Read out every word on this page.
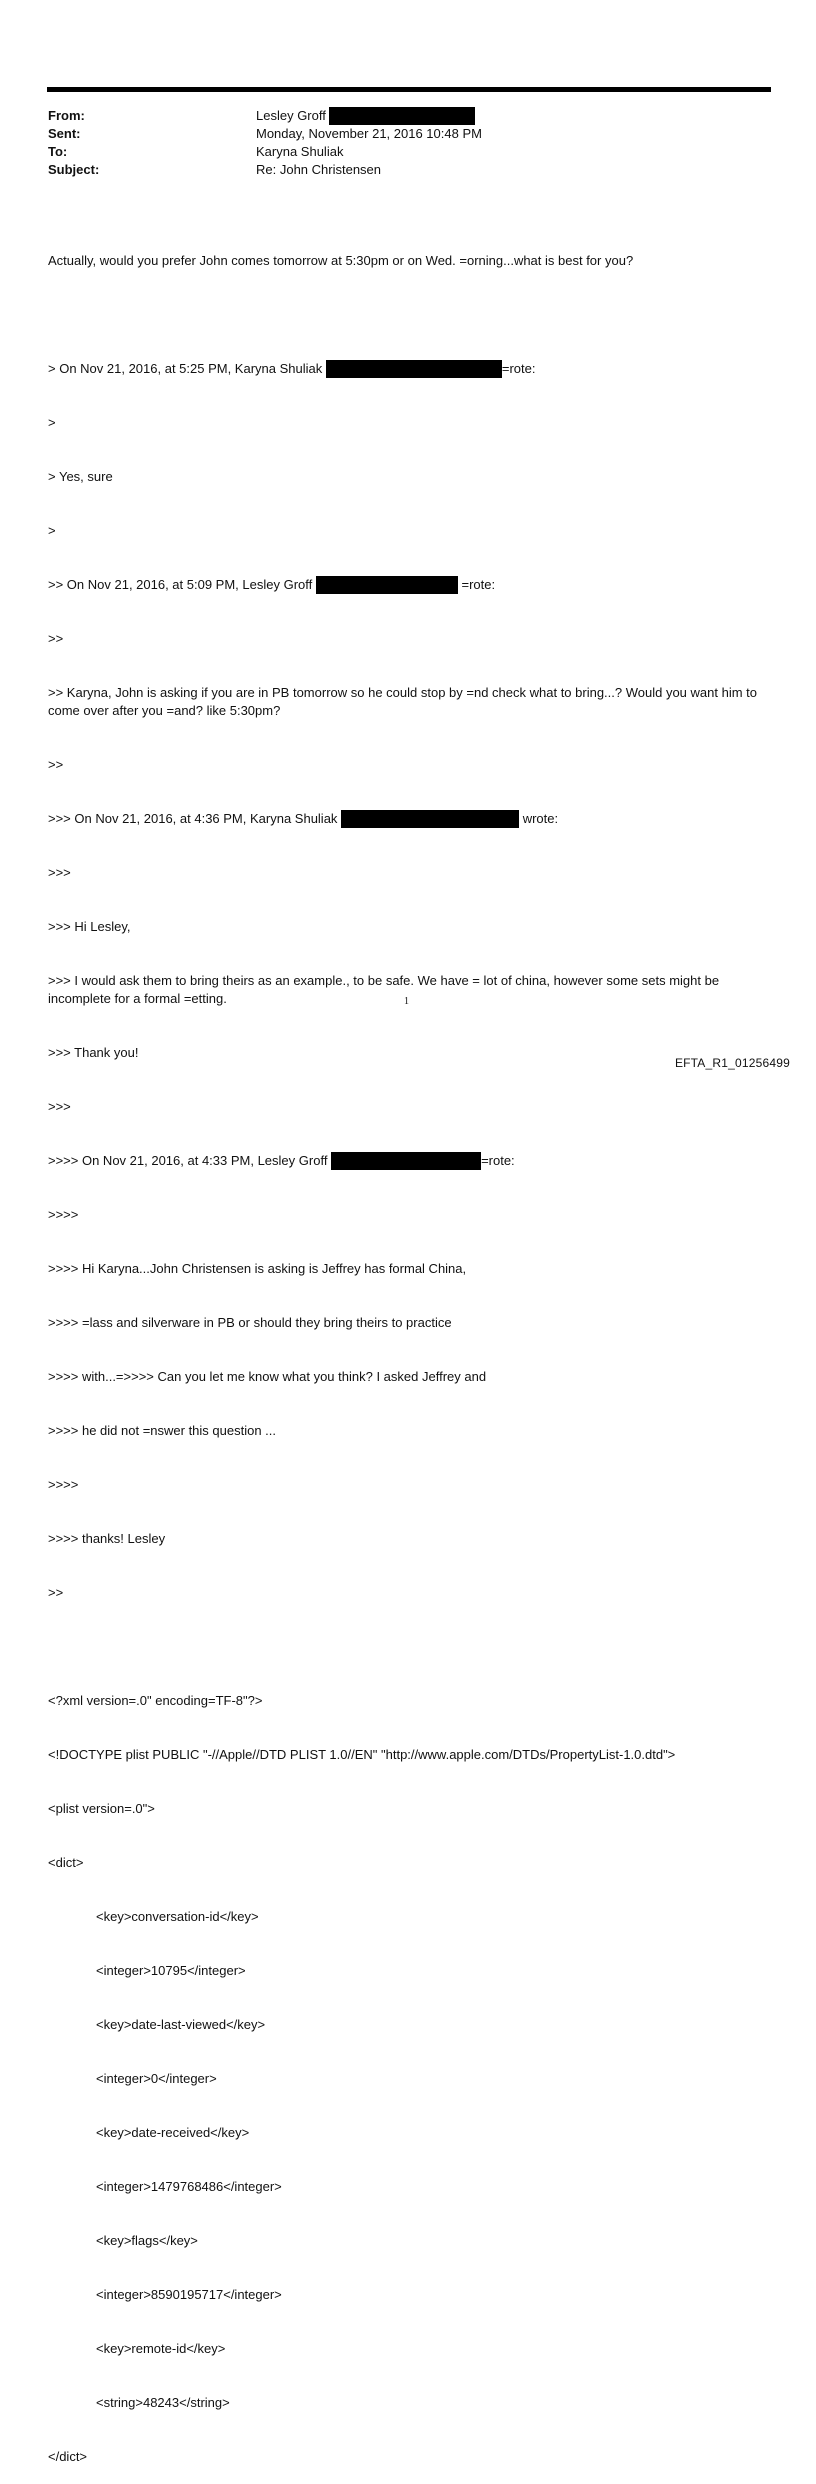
From:	Lesley Groff
Sent:	Monday, November 21, 2016 10:48 PM
To:	Karyna Shuliak
Subject:	Re: John Christensen

Actually, would you prefer John comes tomorrow at 5:30pm or on Wed. =orning...what is best for you?

> On Nov 21, 2016, at 5:25 PM, Karyna Shuliak	=rote:

>

> Yes, sure

>

>> On Nov 21, 2016, at 5:09 PM, Lesley Groff	=rote:

>>

>> Karyna, John is asking if you are in PB tomorrow so he could stop by =nd check what to bring...? Would you want him to come over after you =and? like 5:30pm?

>>

>>> On Nov 21, 2016, at 4:36 PM, Karyna Shuliak	wrote:

>>>

>>> Hi Lesley,

>>> I would ask them to bring theirs as an example., to be safe. We have = lot of china, however some sets might be incomplete for a formal =etting.

>>> Thank you!

>>>

>>>> On Nov 21, 2016, at 4:33 PM, Lesley Groff	=rote:

>>>>

>>>> Hi Karyna...John Christensen is asking is Jeffrey has formal China,

>>>> =lass and silverware in PB or should they bring theirs to practice

>>>> with...=>>>> Can you let me know what you think? I asked Jeffrey and

>>>> he did not =nswer this question ...

>>>>

>>>> thanks! Lesley

>>

<?xml version=.0" encoding=TF-8"?>

<!DOCTYPE plist PUBLIC "-//Apple//DTD PLIST 1.0//EN" "http://www.apple.com/DTDs/PropertyList-1.0.dtd">

<plist version=.0">

<dict>

<key>conversation-id</key>

<integer>10795</integer>

<key>date-last-viewed</key>

<integer>0</integer>

<key>date-received</key>

<integer>1479768486</integer>

<key>flags</key>

<integer>8590195717</integer>

<key>remote-id</key>

<string>48243</string>

</dict>

1
EFTA_R1_01256499
